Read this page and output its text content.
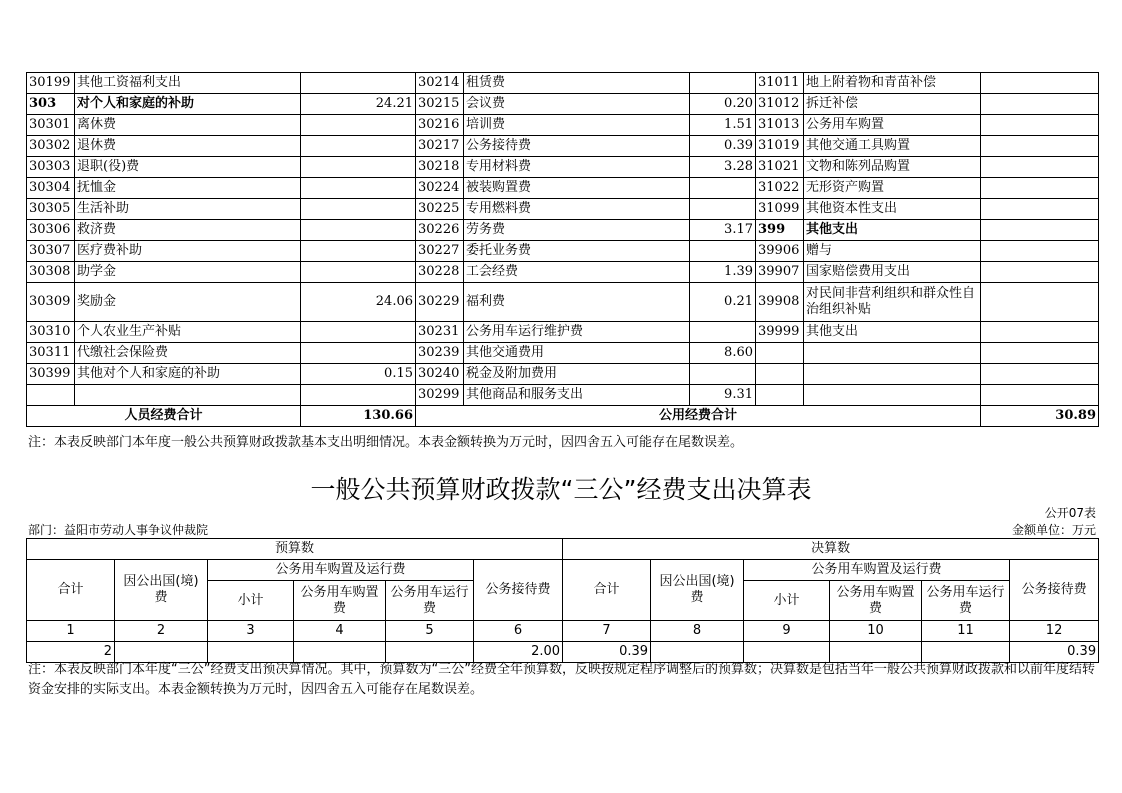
30199	其他工资福利支出		30214	租赁费		31011	地上附着物和青苗补偿	
303	对个人和家庭的补助	24.21	30215	会议费	0.20	31012	拆迁补偿	
30301	离休费		30216	培训费	1.51	31013	公务用车购置	
30302	退休费		30217	公务接待费	0.39	31019	其他交通工具购置	
30303	退职(役)费		30218	专用材料费	3.28	31021	文物和陈列品购置	
30304	抚恤金		30224	被装购置费		31022	无形资产购置	
30305	生活补助		30225	专用燃料费		31099	其他资本性支出	
30306	救济费		30226	劳务费	3.17	399	其他支出	
30307	医疗费补助		30227	委托业务费		39906	赠与	
30308	助学金		30228	工会经费	1.39	39907	国家赔偿费用支出	
30309	奖励金	24.06	30229	福利费	0.21	39908	对民间非营利组织和群众性自治组织补贴	
30310	个人农业生产补贴		30231	公务用车运行维护费		39999	其他支出	
30311	代缴社会保险费		30239	其他交通费用	8.60			
30399	其他对个人和家庭的补助	0.15	30240	税金及附加费用				
			30299	其他商品和服务支出	9.31			
人员经费合计		130.66	公用经费合计					30.89
注：本表反映部门本年度一般公共预算财政拨款基本支出明细情况。本表金额转换为万元时，因四舍五入可能存在尾数误差。
一般公共预算财政拨款“三公”经费支出决算表
公开07表
部门：益阳市劳动人事争议仲裁院	金额单位：万元
预算数						决算数					
合计	因公出国(境)费	公务用车购置及运行费			公务接待费	合计	因公出国(境)费	公务用车购置及运行费			公务接待费
		小计	公务用车购置费	公务用车运行费				小计	公务用车购置费	公务用车运行费	
1	2	3	4	5	6	7	8	9	10	11	12
2					2.00	0.39					0.39
注：本表反映部门本年度“三公”经费支出预决算情况。其中，预算数为“三公”经费全年预算数，反映按规定程序调整后的预算数；决算数是包括当年一般公共预算财政拨款和以前年度结转资金安排的实际支出。本表金额转换为万元时，因四舍五入可能存在尾数误差。
